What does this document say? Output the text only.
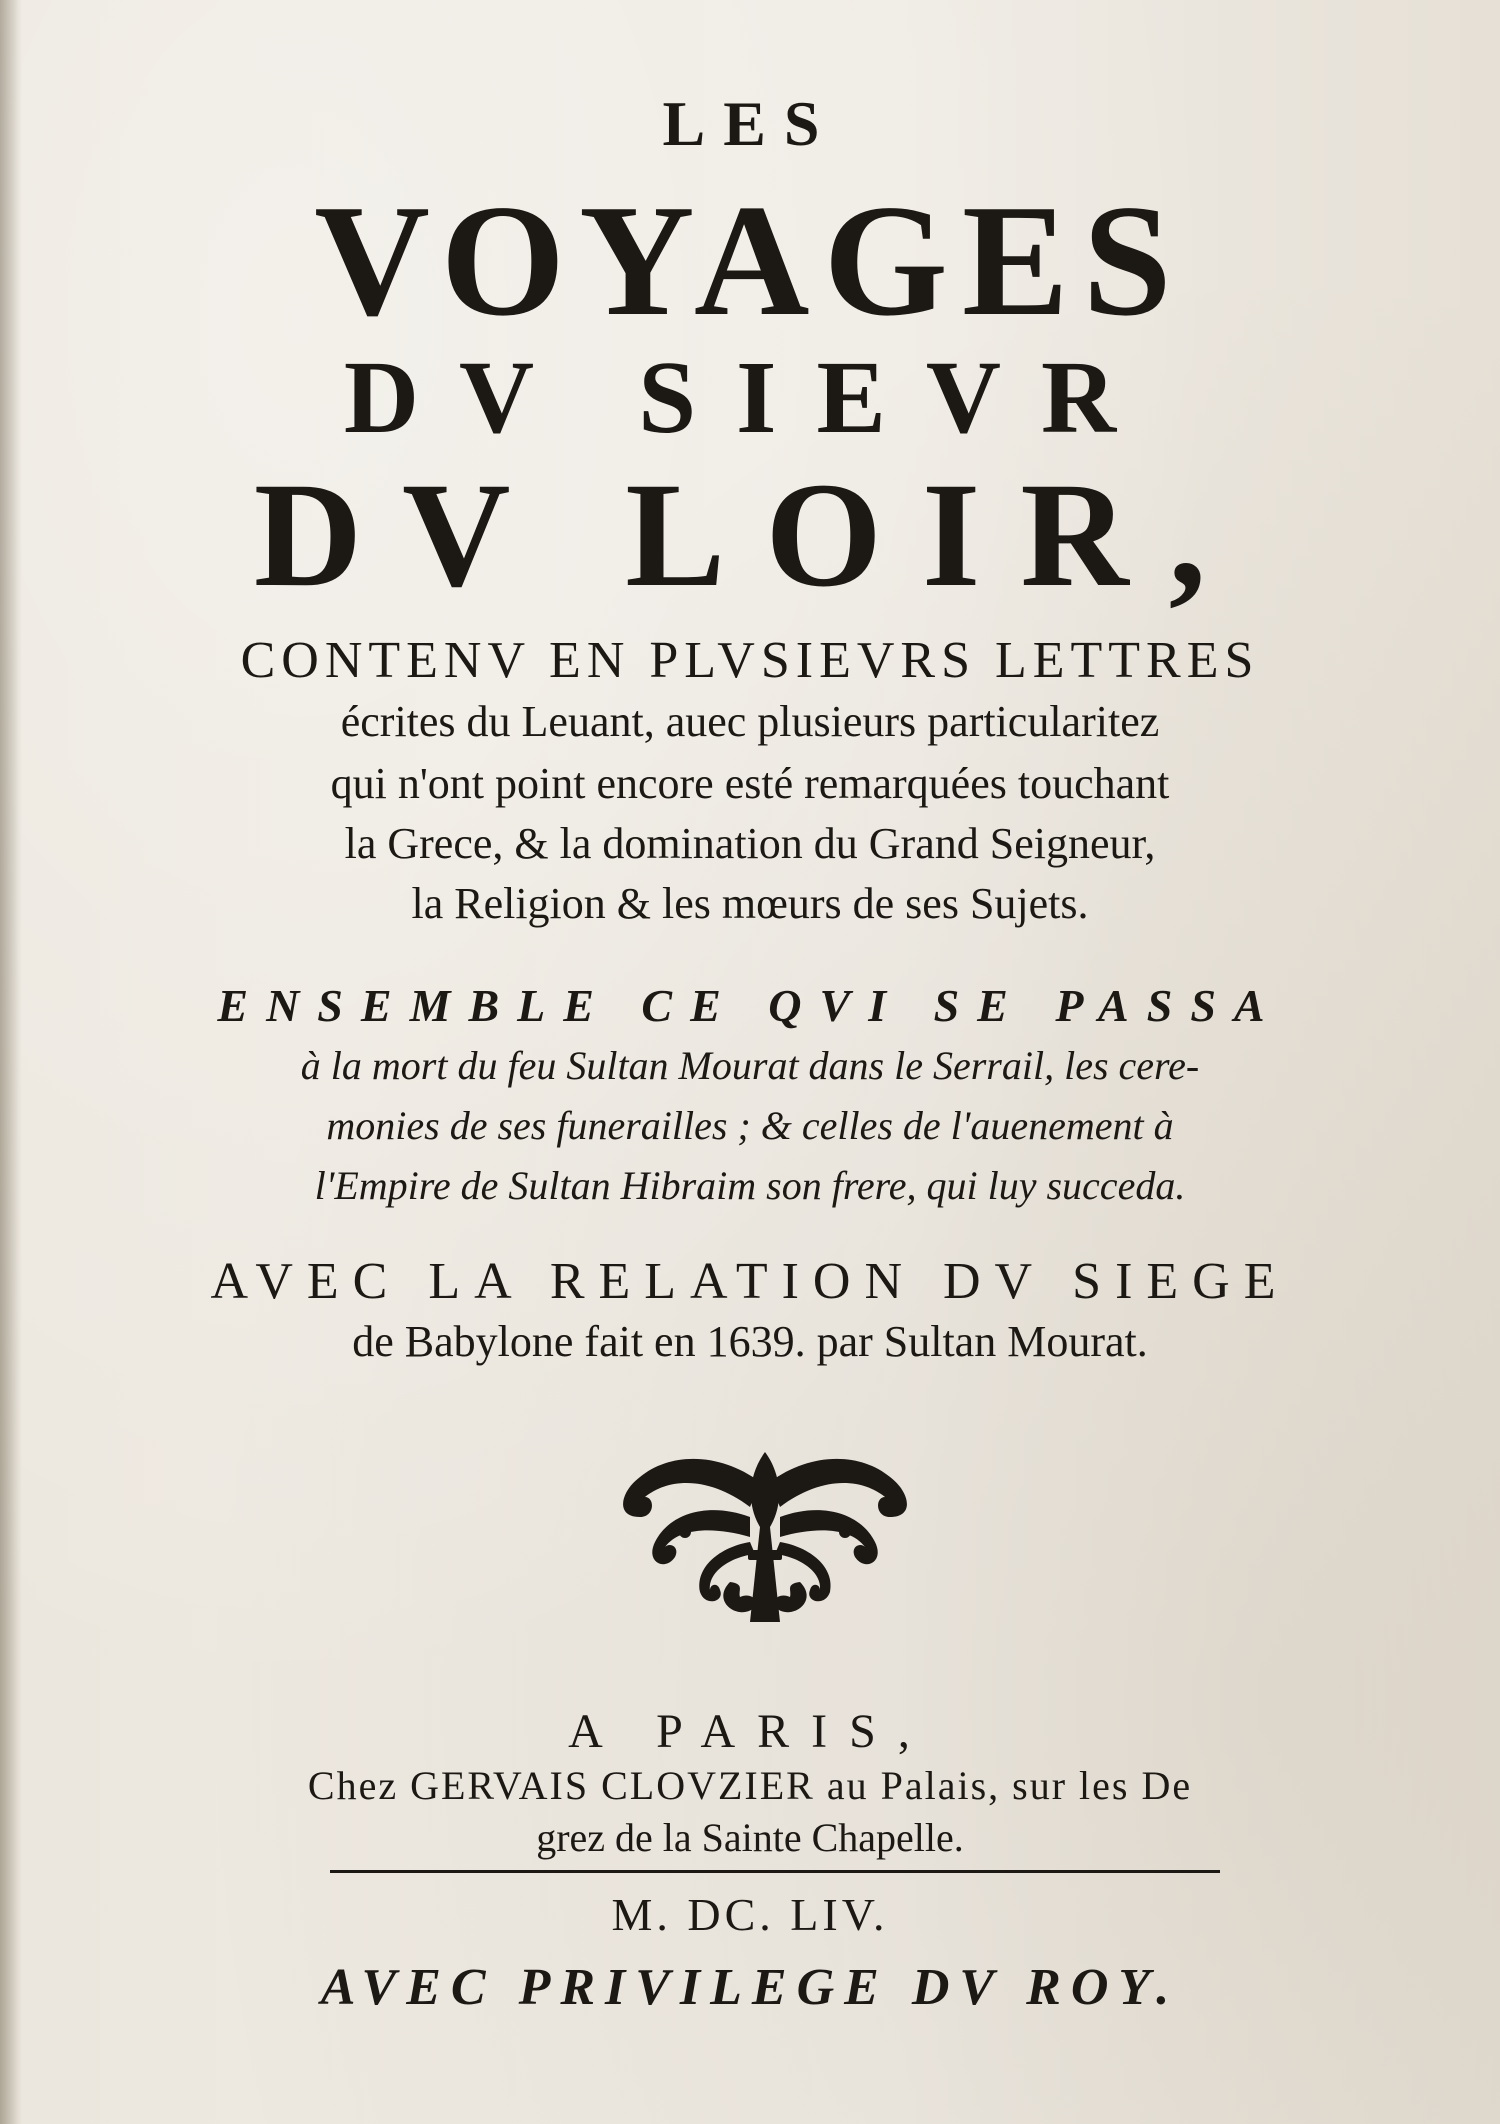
LES
VOYAGES
DV SIEVR
DV LOIR,
CONTENV EN PLVSIEVRS LETTRES
écrites du Leuant, auec plusieurs particularitez
qui n'ont point encore esté remarquées touchant
la Grece, & la domination du Grand Seigneur,
la Religion & les mœurs de ses Sujets.
ENSEMBLE CE QVI SE PASSA
à la mort du feu Sultan Mourat dans le Serrail, les cere-
monies de ses funerailles ; & celles de l'auenement à
l'Empire de Sultan Hibraim son frere, qui luy succeda.
AVEC LA RELATION DV SIEGE
de Babylone fait en 1639. par Sultan Mourat.
A PARIS,
Chez GERVAIS CLOVZIER au Palais, sur les De
grez de la Sainte Chapelle.
M. DC. LIV.
AVEC PRIVILEGE DV ROY.
